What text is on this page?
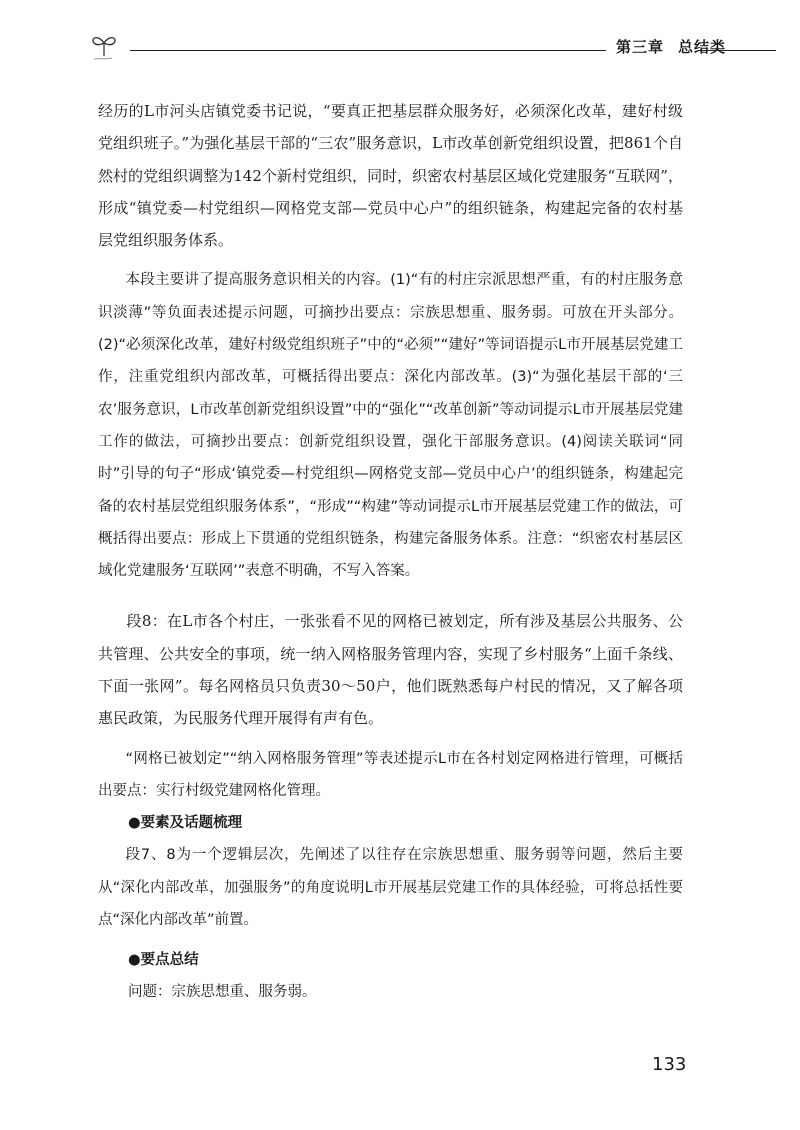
第三章 总结类

经历的L市河头店镇党委书记说，“要真正把基层群众服务好，必须深化改革，建好村级党组织班子。”为强化基层干部的“三农”服务意识，L市改革创新党组织设置，把861个自然村的党组织调整为142个新村党组织，同时，织密农村基层区域化党建服务“互联网”，形成“镇党委—村党组织—网格党支部—党员中心户”的组织链条，构建起完备的农村基层党组织服务体系。

本段主要讲了提高服务意识相关的内容。(1)“有的村庄宗派思想严重，有的村庄服务意识淡薄”等负面表述提示问题，可摘抄出要点：宗族思想重、服务弱。可放在开头部分。(2)“必须深化改革，建好村级党组织班子”中的“必须”“建好”等词语提示L市开展基层党建工作，注重党组织内部改革，可概括得出要点：深化内部改革。(3)“为强化基层干部的‘三农’服务意识，L市改革创新党组织设置”中的“强化”“改革创新”等动词提示L市开展基层党建工作的做法，可摘抄出要点：创新党组织设置，强化干部服务意识。(4)阅读关联词“同时”引导的句子“形成‘镇党委—村党组织—网格党支部—党员中心户’的组织链条，构建起完备的农村基层党组织服务体系”，“形成”“构建”等动词提示L市开展基层党建工作的做法，可概括得出要点：形成上下贯通的党组织链条，构建完备服务体系。注意：“织密农村基层区域化党建服务‘互联网’”表意不明确，不写入答案。

段8：在L市各个村庄，一张张看不见的网格已被划定，所有涉及基层公共服务、公共管理、公共安全的事项，统一纳入网格服务管理内容，实现了乡村服务“上面千条线、下面一张网”。每名网格员只负责30～50户，他们既熟悉每户村民的情况，又了解各项惠民政策，为民服务代理开展得有声有色。

“网格已被划定”“纳入网格服务管理”等表述提示L市在各村划定网格进行管理，可概括出要点：实行村级党建网格化管理。

●要素及话题梳理

段7、8为一个逻辑层次，先阐述了以往存在宗族思想重、服务弱等问题，然后主要从“深化内部改革，加强服务”的角度说明L市开展基层党建工作的具体经验，可将总括性要点“深化内部改革”前置。

●要点总结

问题：宗族思想重、服务弱。

133
